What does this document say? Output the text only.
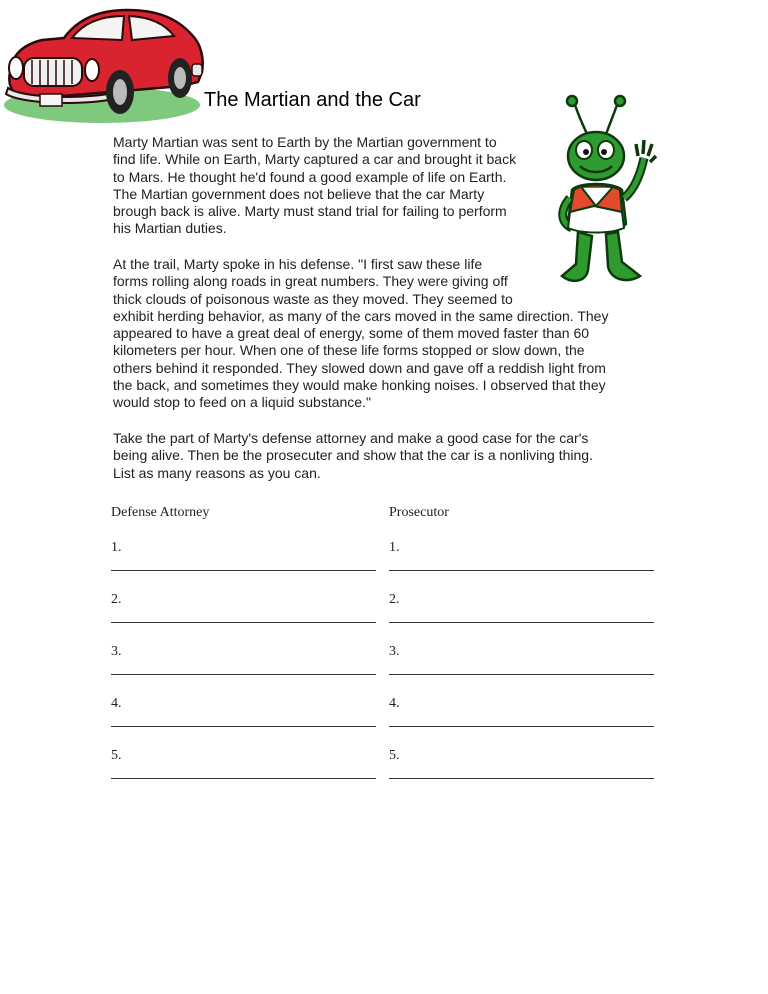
The Martian and the Car
Marty Martian was sent to Earth by the Martian government to
find life. While on Earth, Marty captured a car and brought it back
to Mars. He thought he'd found a good example of life on Earth.
The Martian government does not believe that the car Marty
brough back is alive. Marty must stand trial for failing to perform
his Martian duties.
At the trail, Marty spoke in his defense. "I first saw these life
forms rolling along roads in great numbers. They were giving off
thick clouds of poisonous waste as they moved. They seemed to
exhibit herding behavior, as many of the cars moved in the same direction. They
appeared to have a great deal of energy, some of them moved faster than 60
kilometers per hour. When one of these life forms stopped or slow down, the
others behind it responded. They slowed down and gave off a reddish light from
the back, and sometimes they would make honking noises. I observed that they
would stop to feed on a liquid substance."
Take the part of Marty's defense attorney and make a good case for the car's
being alive. Then be the prosecuter and show that the car is a nonliving thing.
List as many reasons as you can.
Defense Attorney	Prosecutor
1.
2.
3.
4.
5.
1.
2.
3.
4.
5.
